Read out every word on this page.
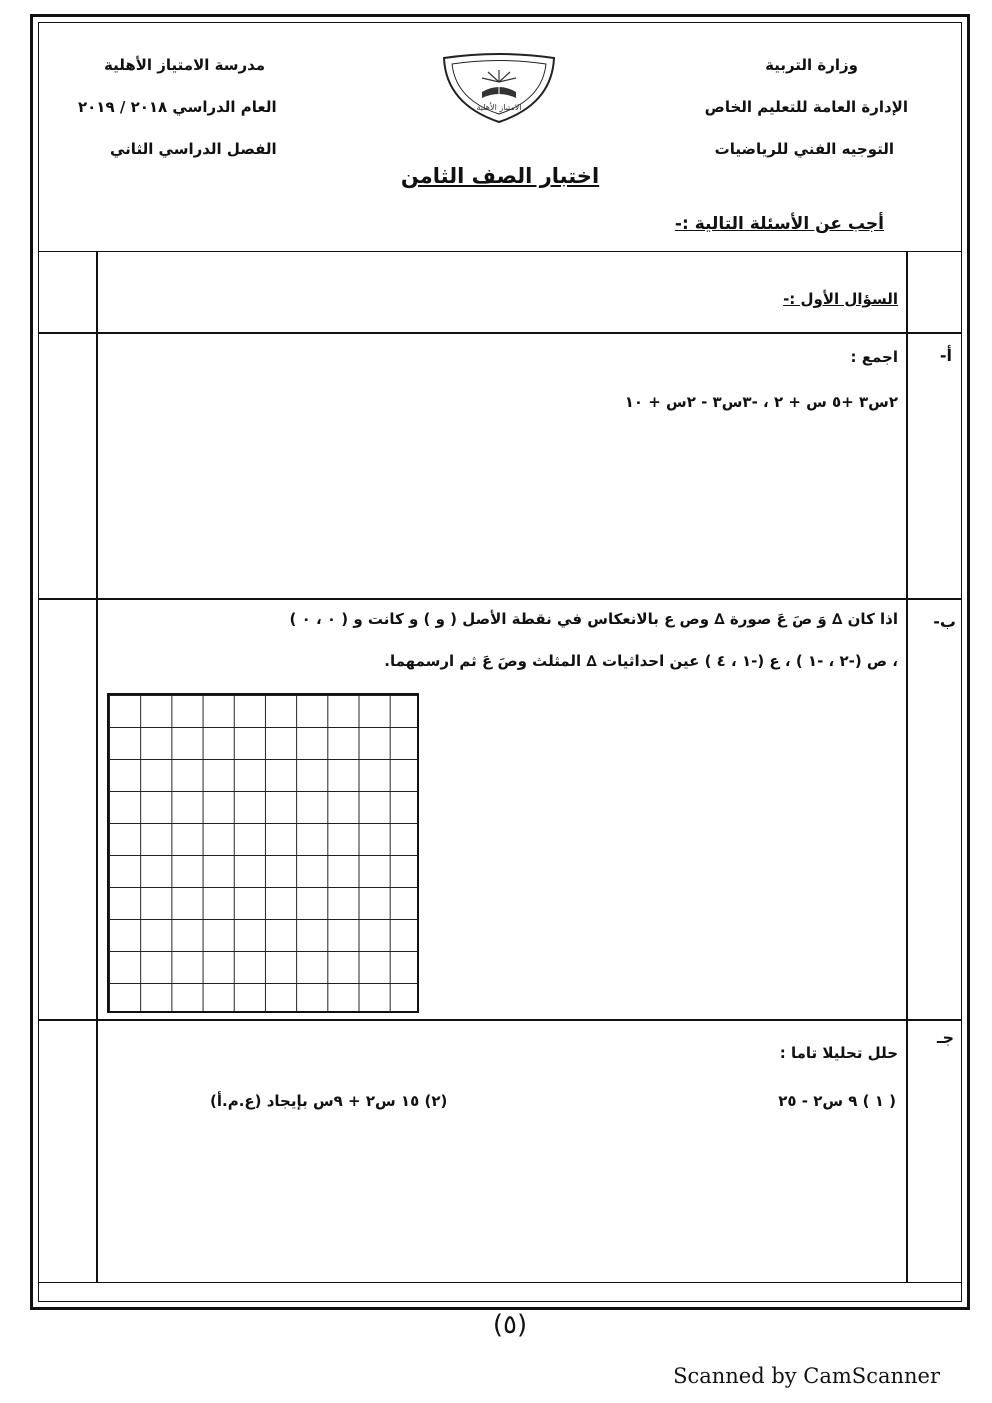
وزارة التربية
الإدارة العامة للتعليم الخاص
التوجيه الفني للرياضيات
مدرسة الامتياز الأهلية
العام الدراسي ٢٠١٨ / ٢٠١٩
الفصل الدراسي الثاني
الامتياز الأهلية
اختبار الصف الثامن
أجب عن الأسئلة التالية :-
السؤال الأول :-
أ-
اجمع :
٢س٣ +٥ س + ٢ ، -٣س٣ - ٢س + ١٠
ب-
اذا كان ∆ وَ صَ عَ صورة ∆ وص ع بالانعكاس في نقطة الأصل ( و ) و كانت و ( ٠ ، ٠ )
، ص (-٢ ، -١ ) ، ع (-١ ، ٤ ) عين احداثيات ∆ المثلث وصَ عَ ثم ارسمهما.
جـ
حلل تحليلا تاما :
( ١ ) ٩ س٢ - ٢٥
(٢) ١٥ س٢ + ٩س بإيجاد (ع.م.أ)
(٥)
Scanned by CamScanner
